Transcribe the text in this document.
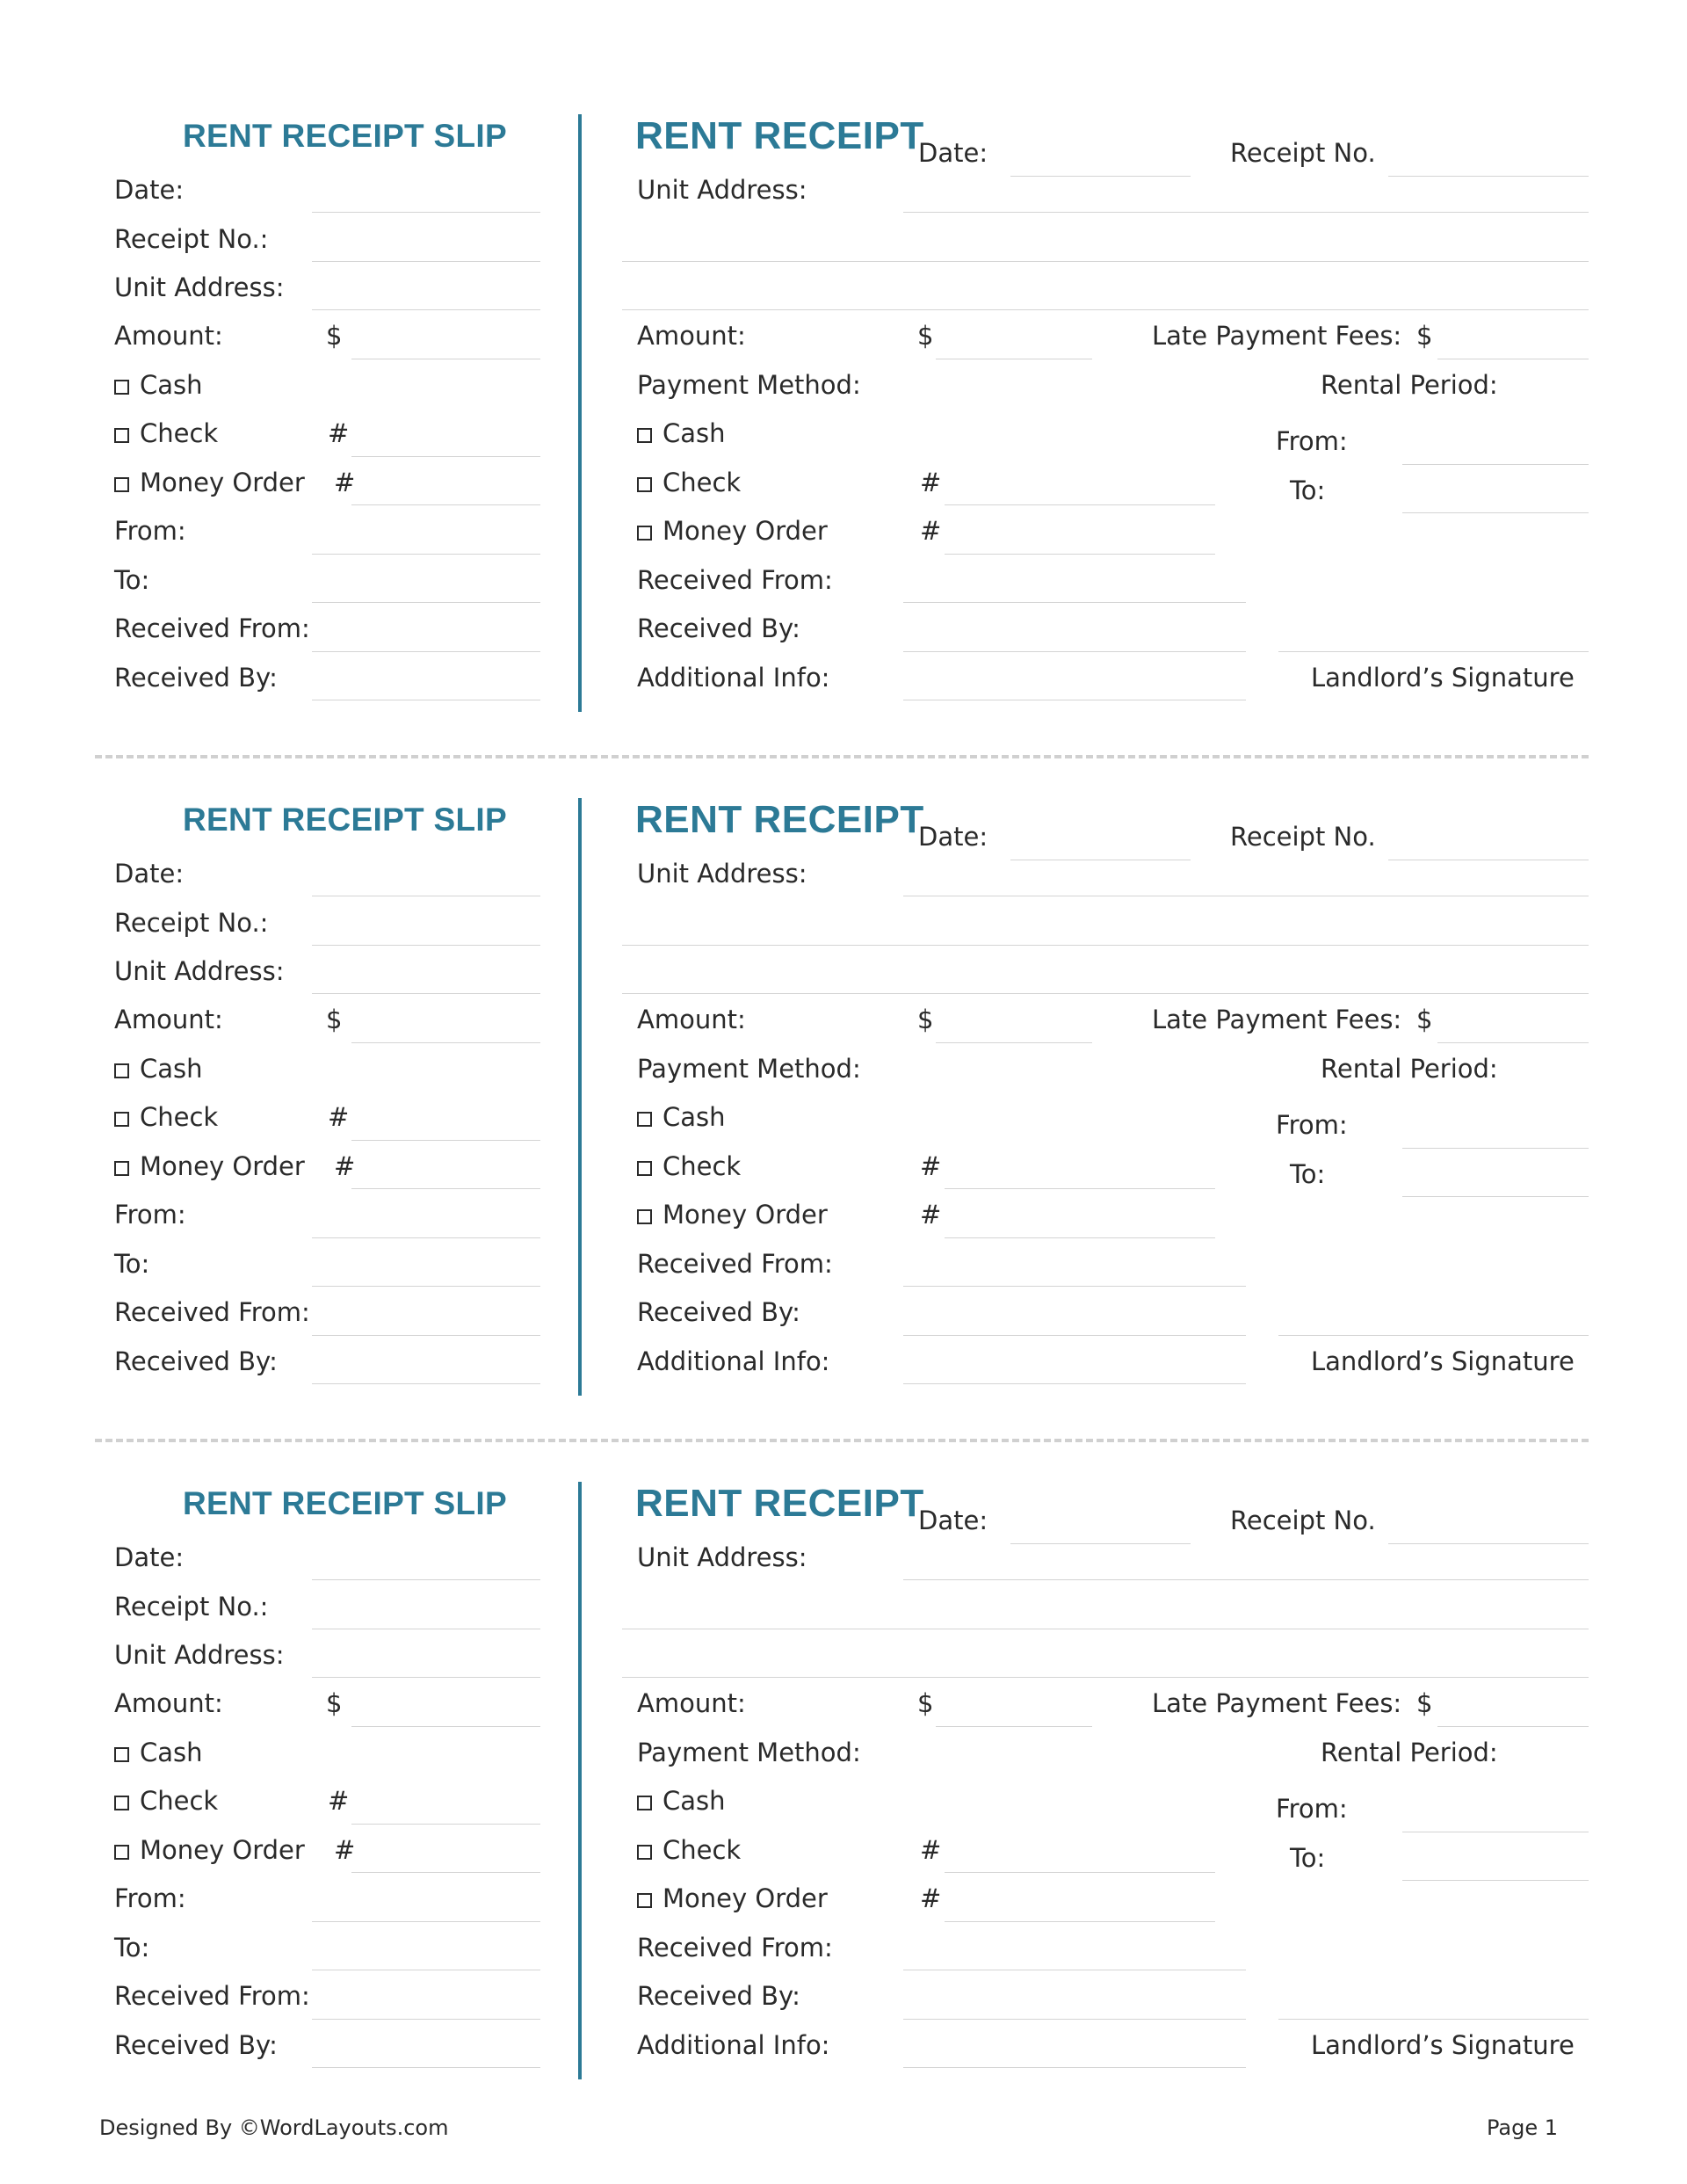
RENT RECEIPT SLIP
Date:
Receipt No.:
Unit Address:
Amount:	$
Cash
Check	#
Money Order #
From:
To:
Received From:
Received By:
RENT RECEIPT
Date:	Receipt No.
Unit Address:
Amount:	$	Late Payment Fees: $
Payment Method:	Rental Period:
Cash	From:
Check	#	To:
Money Order	#
Received From:
Received By:
Additional Info:	Landlord’s Signature
RENT RECEIPT SLIP
Date:
Receipt No.:
Unit Address:
Amount:	$
Cash
Check	#
Money Order #
From:
To:
Received From:
Received By:
RENT RECEIPT
Date:	Receipt No.
Unit Address:
Amount:	$	Late Payment Fees: $
Payment Method:	Rental Period:
Cash	From:
Check	#	To:
Money Order	#
Received From:
Received By:
Additional Info:	Landlord’s Signature
RENT RECEIPT SLIP
Date:
Receipt No.:
Unit Address:
Amount:	$
Cash
Check	#
Money Order #
From:
To:
Received From:
Received By:
RENT RECEIPT
Date:	Receipt No.
Unit Address:
Amount:	$	Late Payment Fees: $
Payment Method:	Rental Period:
Cash	From:
Check	#	To:
Money Order	#
Received From:
Received By:
Additional Info:	Landlord’s Signature
Designed By ©WordLayouts.com	Page 1
